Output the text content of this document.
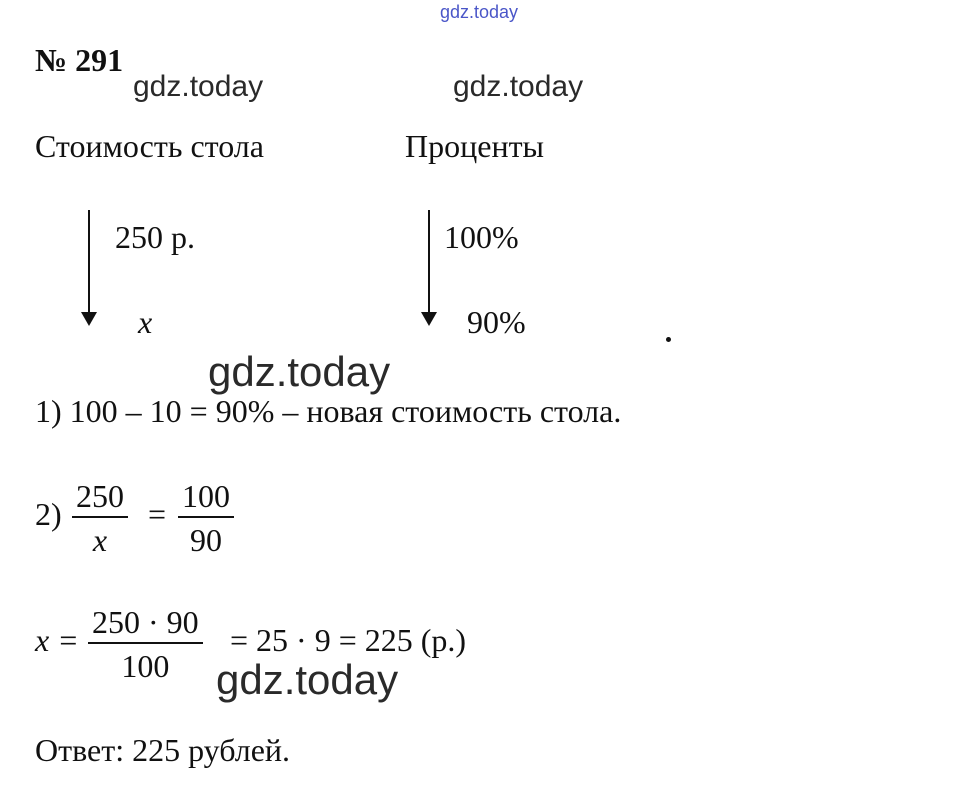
gdz.today
gdz.today	gdz.today
gdz.today
gdz.today
№ 291
Стоимость стола	Проценты
250 р.
x
100%
90%
1) 100 – 10 = 90% – новая стоимость стола.
2) 250
x
= 100
90
x = 250 · 90
100
= 25 · 9 = 225 (р.)
Ответ: 225 рублей.
